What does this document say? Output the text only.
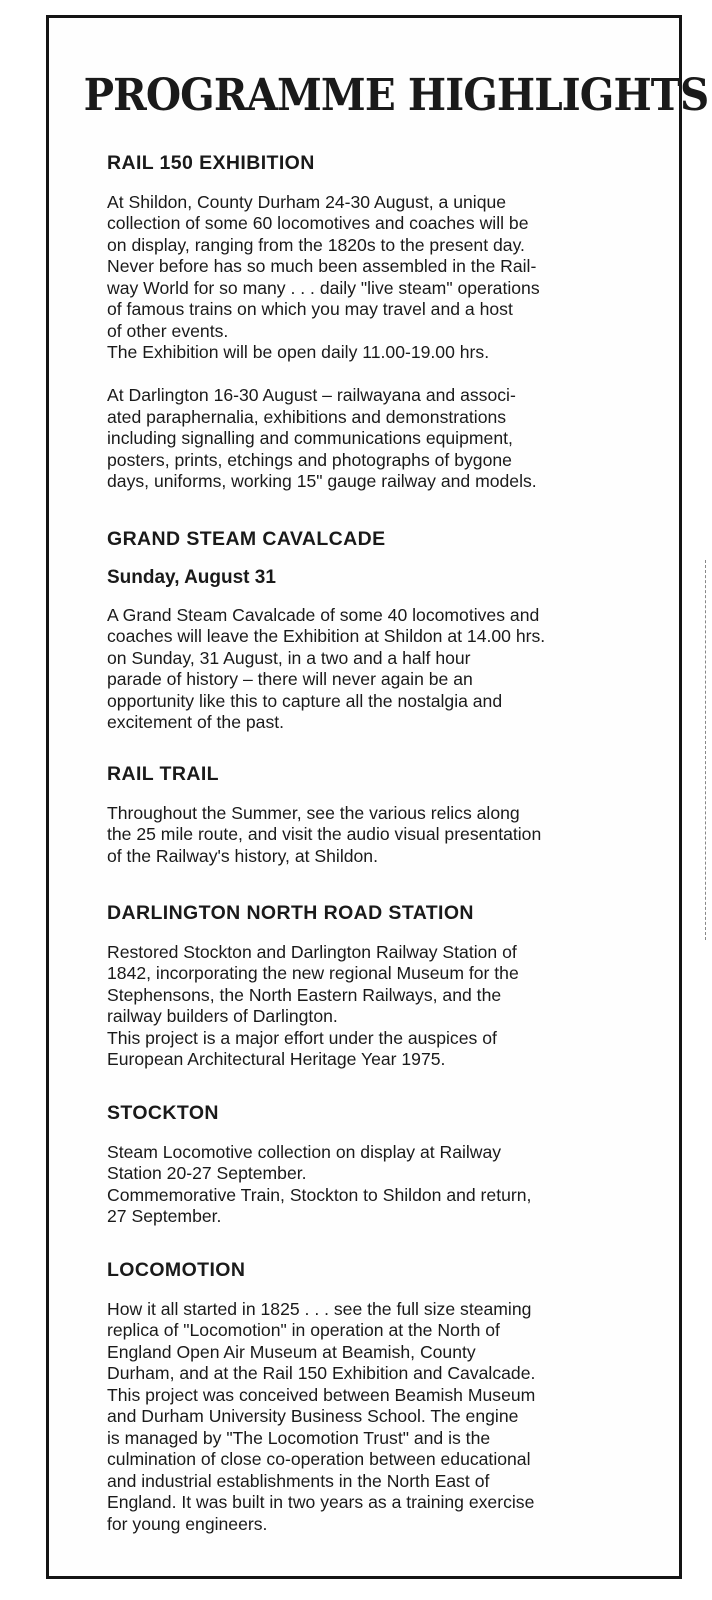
PROGRAMME HIGHLIGHTS
RAIL 150 EXHIBITION
At Shildon, County Durham 24-30 August, a unique
collection of some 60 locomotives and coaches will be
on display, ranging from the 1820s to the present day.
Never before has so much been assembled in the Rail-
way World for so many . . . daily "live steam" operations
of famous trains on which you may travel and a host
of other events.
The Exhibition will be open daily 11.00-19.00 hrs.
At Darlington 16-30 August – railwayana and associ-
ated paraphernalia, exhibitions and demonstrations
including signalling and communications equipment,
posters, prints, etchings and photographs of bygone
days, uniforms, working 15" gauge railway and models.
GRAND STEAM CAVALCADE
Sunday, August 31
A Grand Steam Cavalcade of some 40 locomotives and
coaches will leave the Exhibition at Shildon at 14.00 hrs.
on Sunday, 31 August, in a two and a half hour
parade of history – there will never again be an
opportunity like this to capture all the nostalgia and
excitement of the past.
RAIL TRAIL
Throughout the Summer, see the various relics along
the 25 mile route, and visit the audio visual presentation
of the Railway's history, at Shildon.
DARLINGTON NORTH ROAD STATION
Restored Stockton and Darlington Railway Station of
1842, incorporating the new regional Museum for the
Stephensons, the North Eastern Railways, and the
railway builders of Darlington.
This project is a major effort under the auspices of
European Architectural Heritage Year 1975.
STOCKTON
Steam Locomotive collection on display at Railway
Station 20-27 September.
Commemorative Train, Stockton to Shildon and return,
27 September.
LOCOMOTION
How it all started in 1825 . . . see the full size steaming
replica of "Locomotion" in operation at the North of
England Open Air Museum at Beamish, County
Durham, and at the Rail 150 Exhibition and Cavalcade.
This project was conceived between Beamish Museum
and Durham University Business School. The engine
is managed by "The Locomotion Trust" and is the
culmination of close co-operation between educational
and industrial establishments in the North East of
England. It was built in two years as a training exercise
for young engineers.
